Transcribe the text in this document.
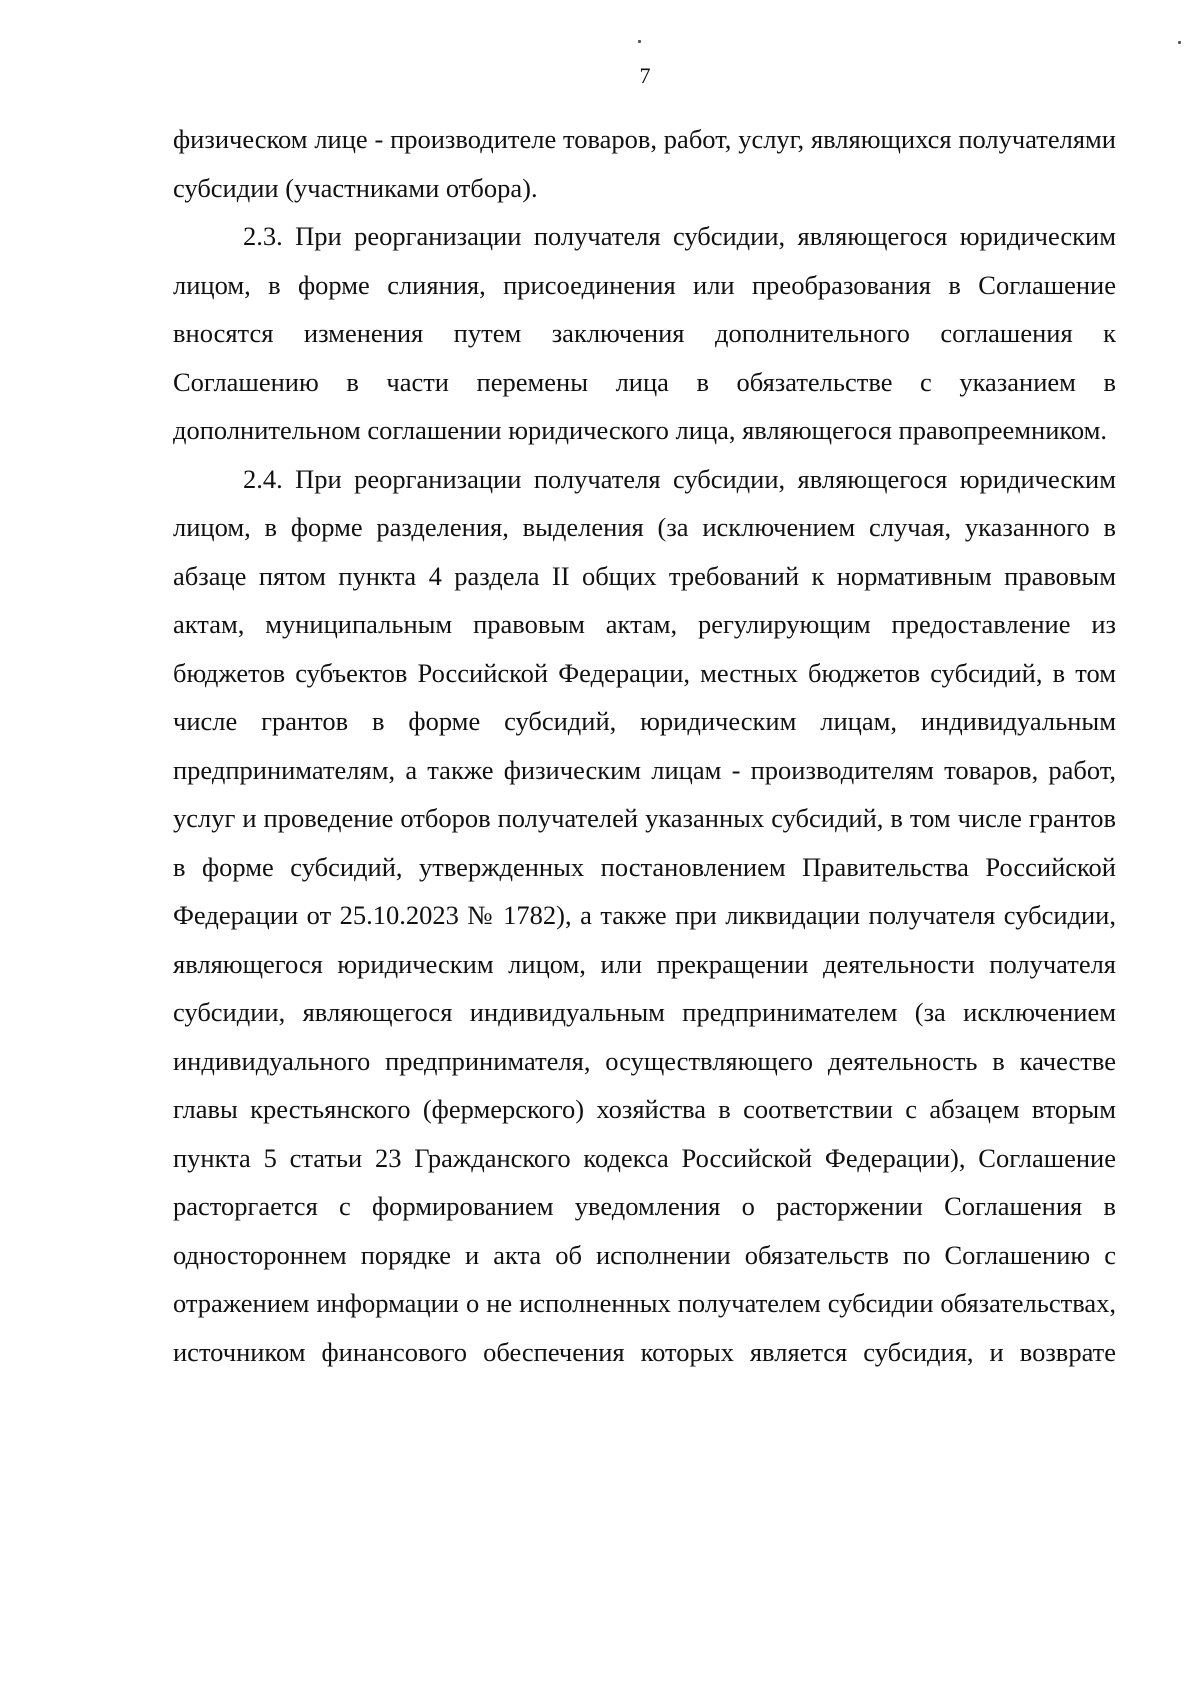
7

физическом лице - производителе товаров, работ, услуг, являющихся получателями субсидии (участниками отбора).

2.3. При реорганизации получателя субсидии, являющегося юридическим лицом, в форме слияния, присоединения или преобразования в Соглашение вносятся изменения путем заключения дополнительного соглашения к Соглашению в части перемены лица в обязательстве с указанием в дополнительном соглашении юридического лица, являющегося правопреемником.

2.4. При реорганизации получателя субсидии, являющегося юридическим лицом, в форме разделения, выделения (за исключением случая, указанного в абзаце пятом пункта 4 раздела II общих требований к нормативным правовым актам, муниципальным правовым актам, регулирующим предоставление из бюджетов субъектов Российской Федерации, местных бюджетов субсидий, в том числе грантов в форме субсидий, юридическим лицам, индивидуальным предпринимателям, а также физическим лицам - производителям товаров, работ, услуг и проведение отборов получателей указанных субсидий, в том числе грантов в форме субсидий, утвержденных постановлением Правительства Российской Федерации от 25.10.2023 № 1782), а также при ликвидации получателя субсидии, являющегося юридическим лицом, или прекращении деятельности получателя субсидии, являющегося индивидуальным предпринимателем (за исключением индивидуального предпринимателя, осуществляющего деятельность в качестве главы крестьянского (фермерского) хозяйства в соответствии с абзацем вторым пункта 5 статьи 23 Гражданского кодекса Российской Федерации), Соглашение расторгается с формированием уведомления о расторжении Соглашения в одностороннем порядке и акта об исполнении обязательств по Соглашению с отражением информации о не исполненных получателем субсидии обязательствах, источником финансового обеспечения которых является субсидия, и возврате
